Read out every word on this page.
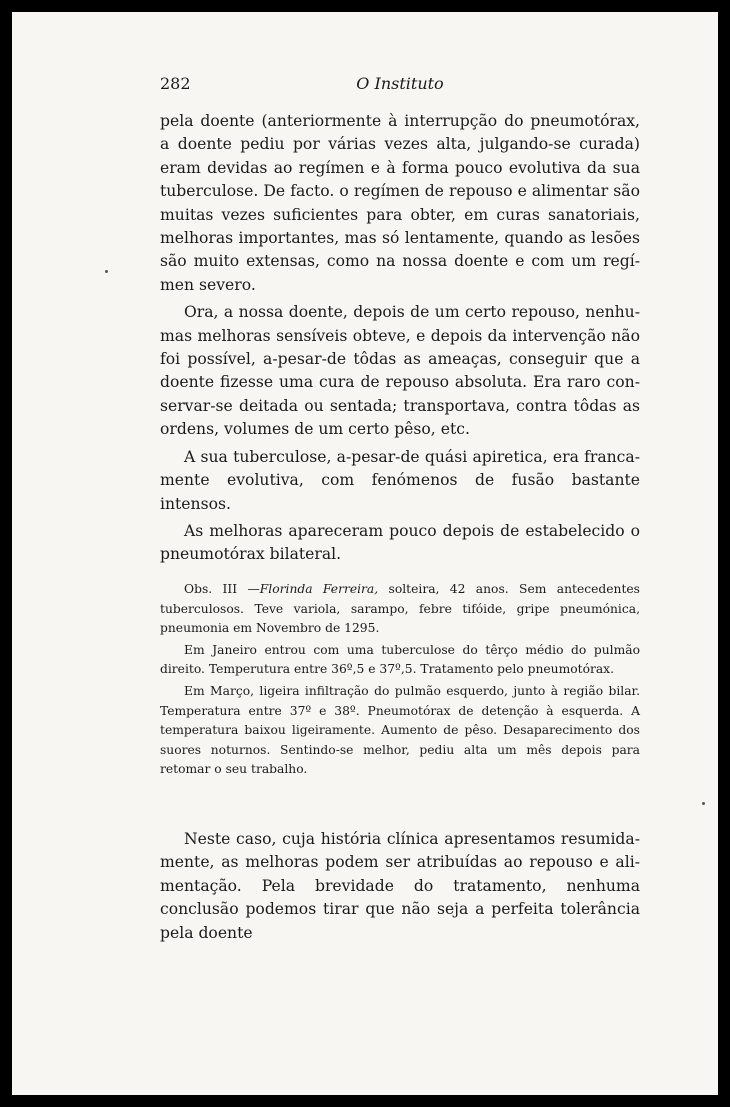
282	O Instituto

pela doente (anteriormente à interrupção do pneumotórax, a doente pediu por várias vezes alta, julgando-se curada) eram devidas ao regímen e à forma pouco evolutiva da sua tuberculose. De facto. o regímen de repouso e alimentar são muitas vezes suficientes para obter, em curas sanatoriais, melhoras importantes, mas só lentamente, quando as lesões são muito extensas, como na nossa doente e com um regímen severo.

Ora, a nossa doente, depois de um certo repouso, nenhumas melhoras sensíveis obteve, e depois da intervenção não foi possível, a-pesar-de tôdas as ameaças, conseguir que a doente fizesse uma cura de repouso absoluta. Era raro conservar-se deitada ou sentada; transportava, contra tôdas as ordens, volumes de um certo pêso, etc.

A sua tuberculose, a-pesar-de quási apiretica, era francamente evolutiva, com fenómenos de fusão bastante intensos.

As melhoras apareceram pouco depois de estabelecido o pneumotórax bilateral.

Obs. III —Florinda Ferreira, solteira, 42 anos. Sem antecedentes tuberculosos. Teve variola, sarampo, febre tifóide, gripe pneumónica, pneumonia em Novembro de 1295.

Em Janeiro entrou com uma tuberculose do têrço médio do pulmão direito. Temperutura entre 36º,5 e 37º,5. Tratamento pelo pneumotórax.

Em Março, ligeira infiltração do pulmão esquerdo, junto à região bilar. Temperatura entre 37º e 38º. Pneumotórax de detenção à esquerda. A temperatura baixou ligeiramente. Aumento de pêso. Desaparecimento dos suores noturnos. Sentindo-se melhor, pediu alta um mês depois para retomar o seu trabalho.

Neste caso, cuja história clínica apresentamos resumidamente, as melhoras podem ser atribuídas ao repouso e alimentação. Pela brevidade do tratamento, nenhuma conclusão podemos tirar que não seja a perfeita tolerância pela doente
